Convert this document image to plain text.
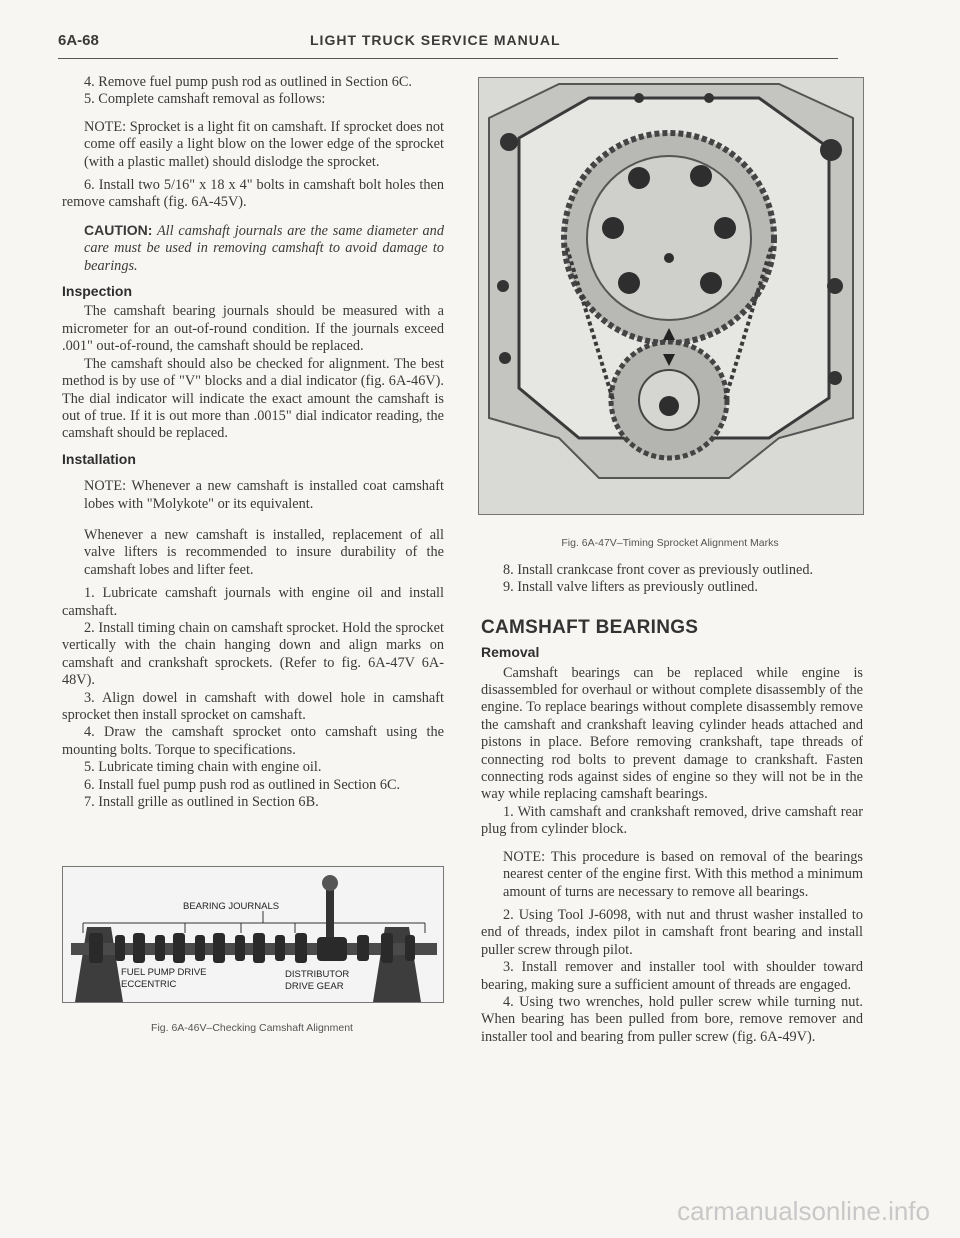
6A-68	LIGHT TRUCK SERVICE MANUAL

4. Remove fuel pump push rod as outlined in Section 6C.

5. Complete camshaft removal as follows:

NOTE: Sprocket is a light fit on camshaft. If sprocket does not come off easily a light blow on the lower edge of the sprocket (with a plastic mallet) should dislodge the sprocket.

6. Install two 5/16" x 18 x 4" bolts in camshaft bolt holes then remove camshaft (fig. 6A-45V).

CAUTION: All camshaft journals are the same diameter and care must be used in removing camshaft to avoid damage to bearings.

Inspection

The camshaft bearing journals should be measured with a micrometer for an out-of-round condition. If the journals exceed .001" out-of-round, the camshaft should be replaced.

The camshaft should also be checked for alignment. The best method is by use of "V" blocks and a dial indicator (fig. 6A-46V). The dial indicator will indicate the exact amount the camshaft is out of true. If it is out more than .0015" dial indicator reading, the camshaft should be replaced.

Installation

NOTE: Whenever a new camshaft is installed coat camshaft lobes with "Molykote" or its equivalent.

Whenever a new camshaft is installed, replacement of all valve lifters is recommended to insure durability of the camshaft lobes and lifter feet.

1. Lubricate camshaft journals with engine oil and install camshaft.

2. Install timing chain on camshaft sprocket. Hold the sprocket vertically with the chain hanging down and align marks on camshaft and crankshaft sprockets. (Refer to fig. 6A-47V 6A-48V).

3. Align dowel in camshaft with dowel hole in camshaft sprocket then install sprocket on camshaft.

4. Draw the camshaft sprocket onto camshaft using the mounting bolts. Torque to specifications.

5. Lubricate timing chain with engine oil.

6. Install fuel pump push rod as outlined in Section 6C.

7. Install grille as outlined in Section 6B.

BEARING JOURNALS
FUEL PUMP DRIVE
ECCENTRIC
DISTRIBUTOR
DRIVE GEAR
Fig. 6A-46V–Checking Camshaft Alignment
Fig. 6A-47V–Timing Sprocket Alignment Marks

8. Install crankcase front cover as previously outlined.

9. Install valve lifters as previously outlined.

CAMSHAFT BEARINGS
Removal

Camshaft bearings can be replaced while engine is disassembled for overhaul or without complete disassembly of the engine. To replace bearings without complete disassembly remove the camshaft and crankshaft leaving cylinder heads attached and pistons in place. Before removing crankshaft, tape threads of connecting rod bolts to prevent damage to crankshaft. Fasten connecting rods against sides of engine so they will not be in the way while replacing camshaft bearings.

1. With camshaft and crankshaft removed, drive camshaft rear plug from cylinder block.

NOTE: This procedure is based on removal of the bearings nearest center of the engine first. With this method a minimum amount of turns are necessary to remove all bearings.

2. Using Tool J-6098, with nut and thrust washer installed to end of threads, index pilot in camshaft front bearing and install puller screw through pilot.

3. Install remover and installer tool with shoulder toward bearing, making sure a sufficient amount of threads are engaged.

4. Using two wrenches, hold puller screw while turning nut. When bearing has been pulled from bore, remove remover and installer tool and bearing from puller screw (fig. 6A-49V).

carmanualsonline.info
